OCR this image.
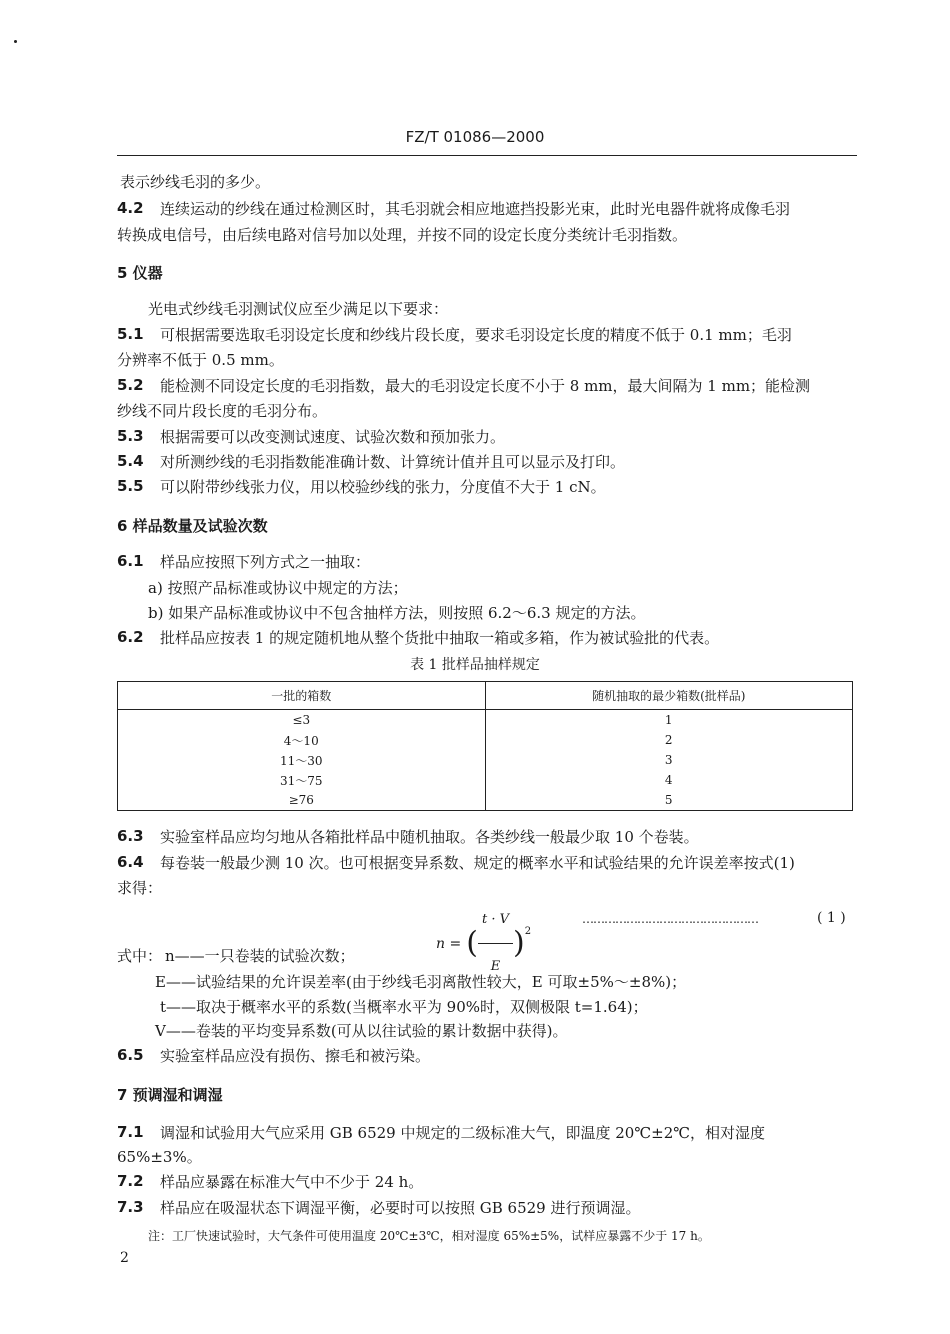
FZ/T 01086—2000
表示纱线毛羽的多少。
4.2 连续运动的纱线在通过检测区时，其毛羽就会相应地遮挡投影光束，此时光电器件就将成像毛羽
转换成电信号，由后续电路对信号加以处理，并按不同的设定长度分类统计毛羽指数。
5 仪器
光电式纱线毛羽测试仪应至少满足以下要求：
5.1 可根据需要选取毛羽设定长度和纱线片段长度，要求毛羽设定长度的精度不低于 0.1 mm；毛羽
分辨率不低于 0.5 mm。
5.2 能检测不同设定长度的毛羽指数，最大的毛羽设定长度不小于 8 mm，最大间隔为 1 mm；能检测
纱线不同片段长度的毛羽分布。
5.3 根据需要可以改变测试速度、试验次数和预加张力。
5.4 对所测纱线的毛羽指数能准确计数、计算统计值并且可以显示及打印。
5.5 可以附带纱线张力仪，用以校验纱线的张力，分度值不大于 1 cN。
6 样品数量及试验次数
6.1 样品应按照下列方式之一抽取：
a) 按照产品标准或协议中规定的方法；
b) 如果产品标准或协议中不包含抽样方法，则按照 6.2～6.3 规定的方法。
6.2 批样品应按表 1 的规定随机地从整个货批中抽取一箱或多箱，作为被试验批的代表。
表 1 批样品抽样规定
一批的箱数	随机抽取的最少箱数(批样品)
≤3	1
4～10	2
11～30	3
31～75	4
≥76	5
6.3 实验室样品应均匀地从各箱批样品中随机抽取。各类纱线一般最少取 10 个卷装。
6.4 每卷装一般最少测 10 次。也可根据变异系数、规定的概率水平和试验结果的允许误差率按式(1)
求得：
n = ( $\frac{t \cdot V}{E} )^2$
…………………………………………	( 1 )
式中： n——一只卷装的试验次数；
E——试验结果的允许误差率(由于纱线毛羽离散性较大，E 可取±5%～±8%)；
t——取决于概率水平的系数(当概率水平为 90%时，双侧极限 t=1.64)；
V——卷装的平均变异系数(可从以往试验的累计数据中获得)。
6.5 实验室样品应没有损伤、擦毛和被污染。
7 预调湿和调湿
7.1 调湿和试验用大气应采用 GB 6529 中规定的二级标准大气，即温度 20℃±2℃，相对湿度
65%±3%。
7.2 样品应暴露在标准大气中不少于 24 h。
7.3 样品应在吸湿状态下调湿平衡，必要时可以按照 GB 6529 进行预调湿。
注：工厂快速试验时，大气条件可使用温度 20℃±3℃，相对湿度 65%±5%，试样应暴露不少于 17 h。
2
